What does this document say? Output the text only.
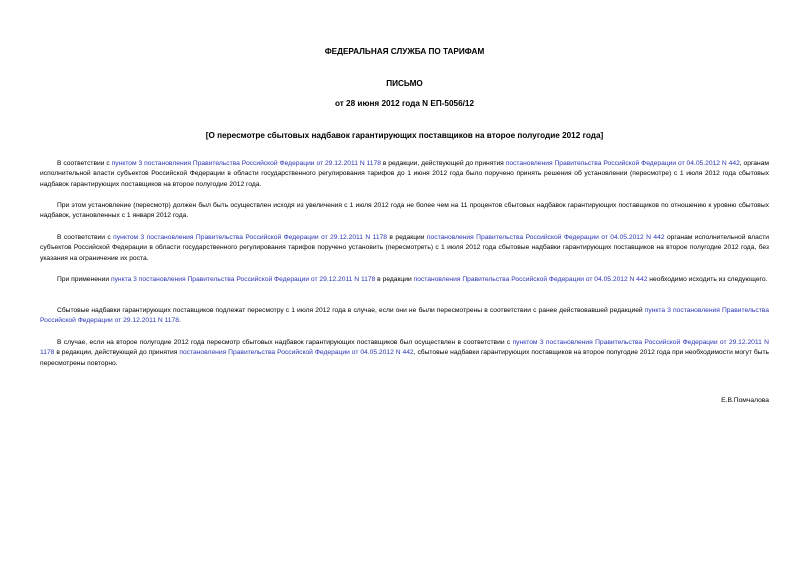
ФЕДЕРАЛЬНАЯ СЛУЖБА ПО ТАРИФАМ
ПИСЬМО
от 28 июня 2012 года N ЕП-5056/12
[О пересмотре сбытовых надбавок гарантирующих поставщиков на второе полугодие 2012 года]
В соответствии с пунктом 3 постановления Правительства Российской Федерации от 29.12.2011 N 1178 в редакции, действующей до принятия постановления Правительства Российской Федерации от 04.05.2012 N 442, органам исполнительной власти субъектов Российской Федерации в области государственного регулирования тарифов до 1 июня 2012 года было поручено принять решения об установлении (пересмотре) с 1 июля 2012 года сбытовых надбавок гарантирующих поставщиков на второе полугодие 2012 года.
При этом установление (пересмотр) должен был быть осуществлен исходя из увеличения с 1 июля 2012 года не более чем на 11 процентов сбытовых надбавок гарантирующих поставщиков по отношению к уровню сбытовых надбавок, установленных с 1 января 2012 года.
В соответствии с пунктом 3 постановления Правительства Российской Федерации от 29.12.2011 N 1178 в редакции постановления Правительства Российской Федерации от 04.05.2012 N 442 органам исполнительной власти субъектов Российской Федерации в области государственного регулирования тарифов поручено установить (пересмотреть) с 1 июля 2012 года сбытовые надбавки гарантирующих поставщиков на второе полугодие 2012 года, без указания на ограничение их роста.
При применении пункта 3 постановления Правительства Российской Федерации от 29.12.2011 N 1178 в редакции постановления Правительства Российской Федерации от 04.05.2012 N 442 необходимо исходить из следующего.
Сбытовые надбавки гарантирующих поставщиков подлежат пересмотру с 1 июля 2012 года в случае, если они не были пересмотрены в соответствии с ранее действовавшей редакцией пункта 3 постановления Правительства Российской Федерации от 29.12.2011 N 1178.
В случае, если на второе полугодие 2012 года пересмотр сбытовых надбавок гарантирующих поставщиков был осуществлен в соответствии с пунктом 3 постановления Правительства Российской Федерации от 29.12.2011 N 1178 в редакции, действующей до принятия постановления Правительства Российской Федерации от 04.05.2012 N 442, сбытовые надбавки гарантирующих поставщиков на второе полугодие 2012 года при необходимости могут быть пересмотрены повторно.
Е.В.Помчалова
